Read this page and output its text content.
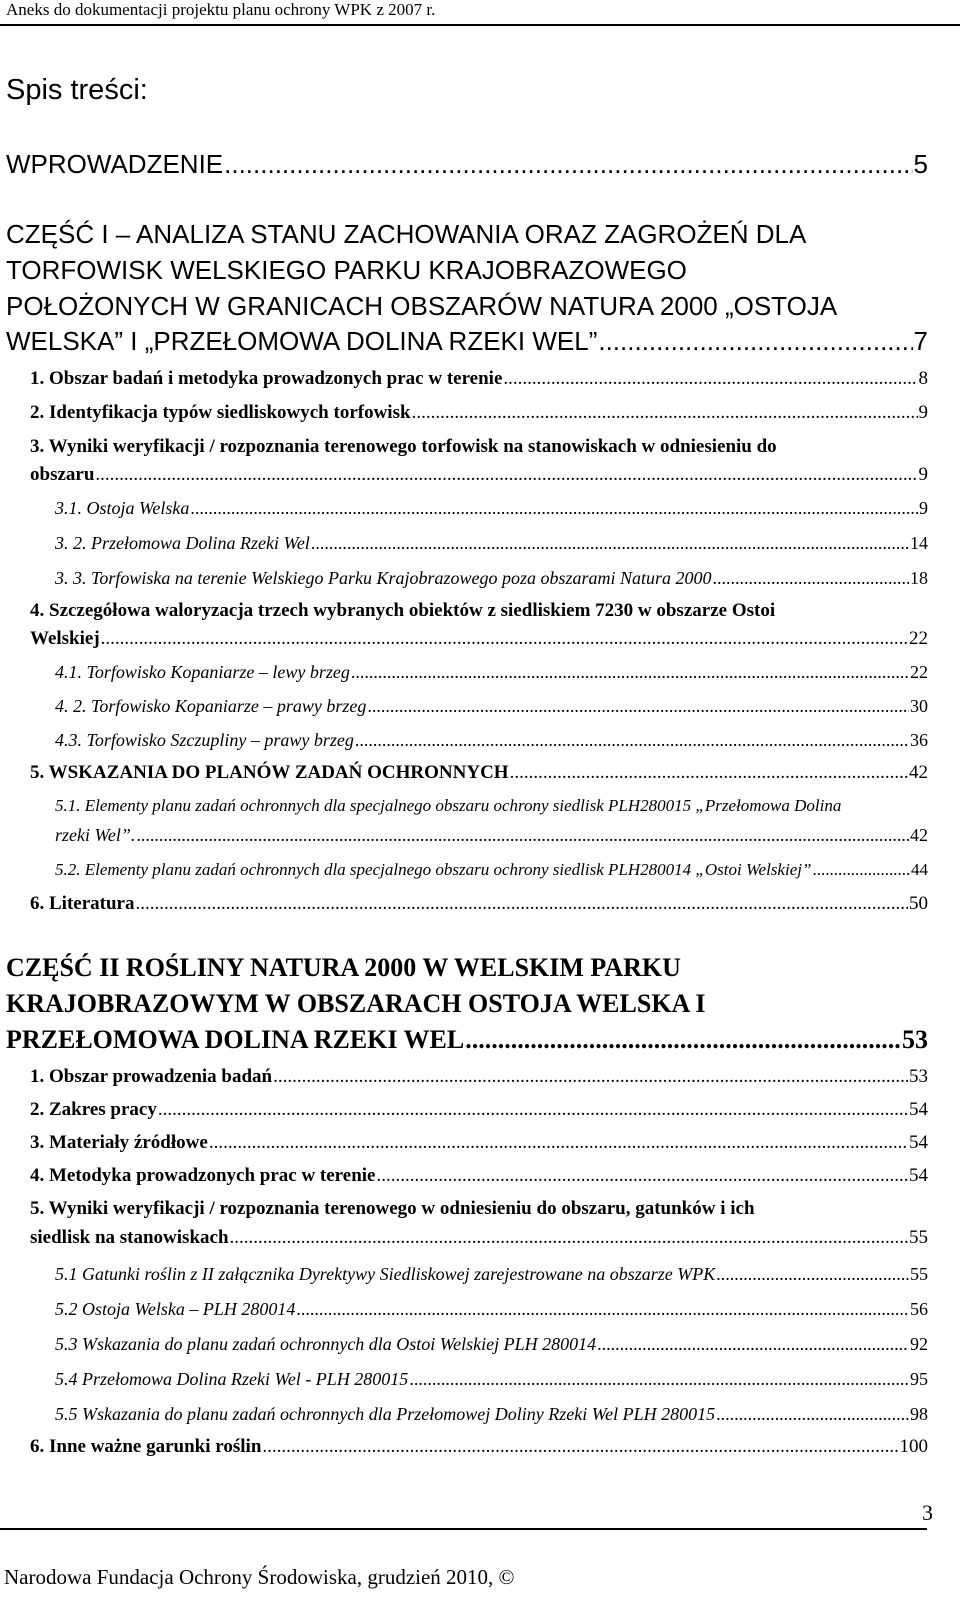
Aneks do dokumentacji projektu planu ochrony WPK z 2007 r.
Spis treści:
WPROWADZENIE .....	5
CZĘŚĆ I – ANALIZA STANU ZACHOWANIA ORAZ ZAGROŻEŃ DLA
TORFOWISK WELSKIEGO PARKU KRAJOBRAZOWEGO
POŁOŻONYCH W GRANICACH OBSZARÓW NATURA 2000 „OSTOJA
WELSKA” I „PRZEŁOMOWA DOLINA RZEKI WEL” .....	7
1. Obszar badań i metodyka prowadzonych prac w terenie .....	8
2. Identyfikacja typów siedliskowych torfowisk .....	9
3. Wyniki weryfikacji / rozpoznania terenowego torfowisk na stanowiskach w odniesieniu do
obszaru .....	9
3.1. Ostoja Welska .....	9
3. 2. Przełomowa Dolina Rzeki Wel .....	14
3. 3. Torfowiska na terenie Welskiego Parku Krajobrazowego poza obszarami Natura 2000 .....	18
4. Szczegółowa waloryzacja trzech wybranych obiektów z siedliskiem 7230 w obszarze Ostoi
Welskiej .....	22
4.1. Torfowisko Kopaniarze – lewy brzeg .....	22
4. 2. Torfowisko Kopaniarze – prawy brzeg .....	30
4.3. Torfowisko Szczupliny – prawy brzeg .....	36
5. WSKAZANIA DO PLANÓW ZADAŃ OCHRONNYCH .....	42
5.1. Elementy planu zadań ochronnych dla specjalnego obszaru ochrony siedlisk PLH280015 „Przełomowa Dolina
rzeki Wel”. .....	42
5.2. Elementy planu zadań ochronnych dla specjalnego obszaru ochrony siedlisk PLH280014 „Ostoi Welskiej” .....	44
6. Literatura .....	50
CZĘŚĆ II ROŚLINY NATURA 2000 W WELSKIM PARKU
KRAJOBRAZOWYM W OBSZARACH OSTOJA WELSKA I
PRZEŁOMOWA DOLINA RZEKI WEL .....	53
1. Obszar prowadzenia badań .....	53
2. Zakres pracy .....	54
3. Materiały źródłowe .....	54
4. Metodyka prowadzonych prac w terenie .....	54
5. Wyniki weryfikacji / rozpoznania terenowego w odniesieniu do obszaru, gatunków i ich
siedlisk na stanowiskach .....	55
5.1 Gatunki roślin z II załącznika Dyrektywy Siedliskowej zarejestrowane na obszarze WPK .....	55
5.2 Ostoja Welska – PLH 280014 .....	56
5.3 Wskazania do planu zadań ochronnych dla Ostoi Welskiej PLH 280014 .....	92
5.4 Przełomowa Dolina Rzeki Wel - PLH 280015 .....	95
5.5 Wskazania do planu zadań ochronnych dla Przełomowej Doliny Rzeki Wel PLH 280015 .....	98
6. Inne ważne garunki roślin .....	100
3
Narodowa Fundacja Ochrony Środowiska, grudzień 2010, ©
